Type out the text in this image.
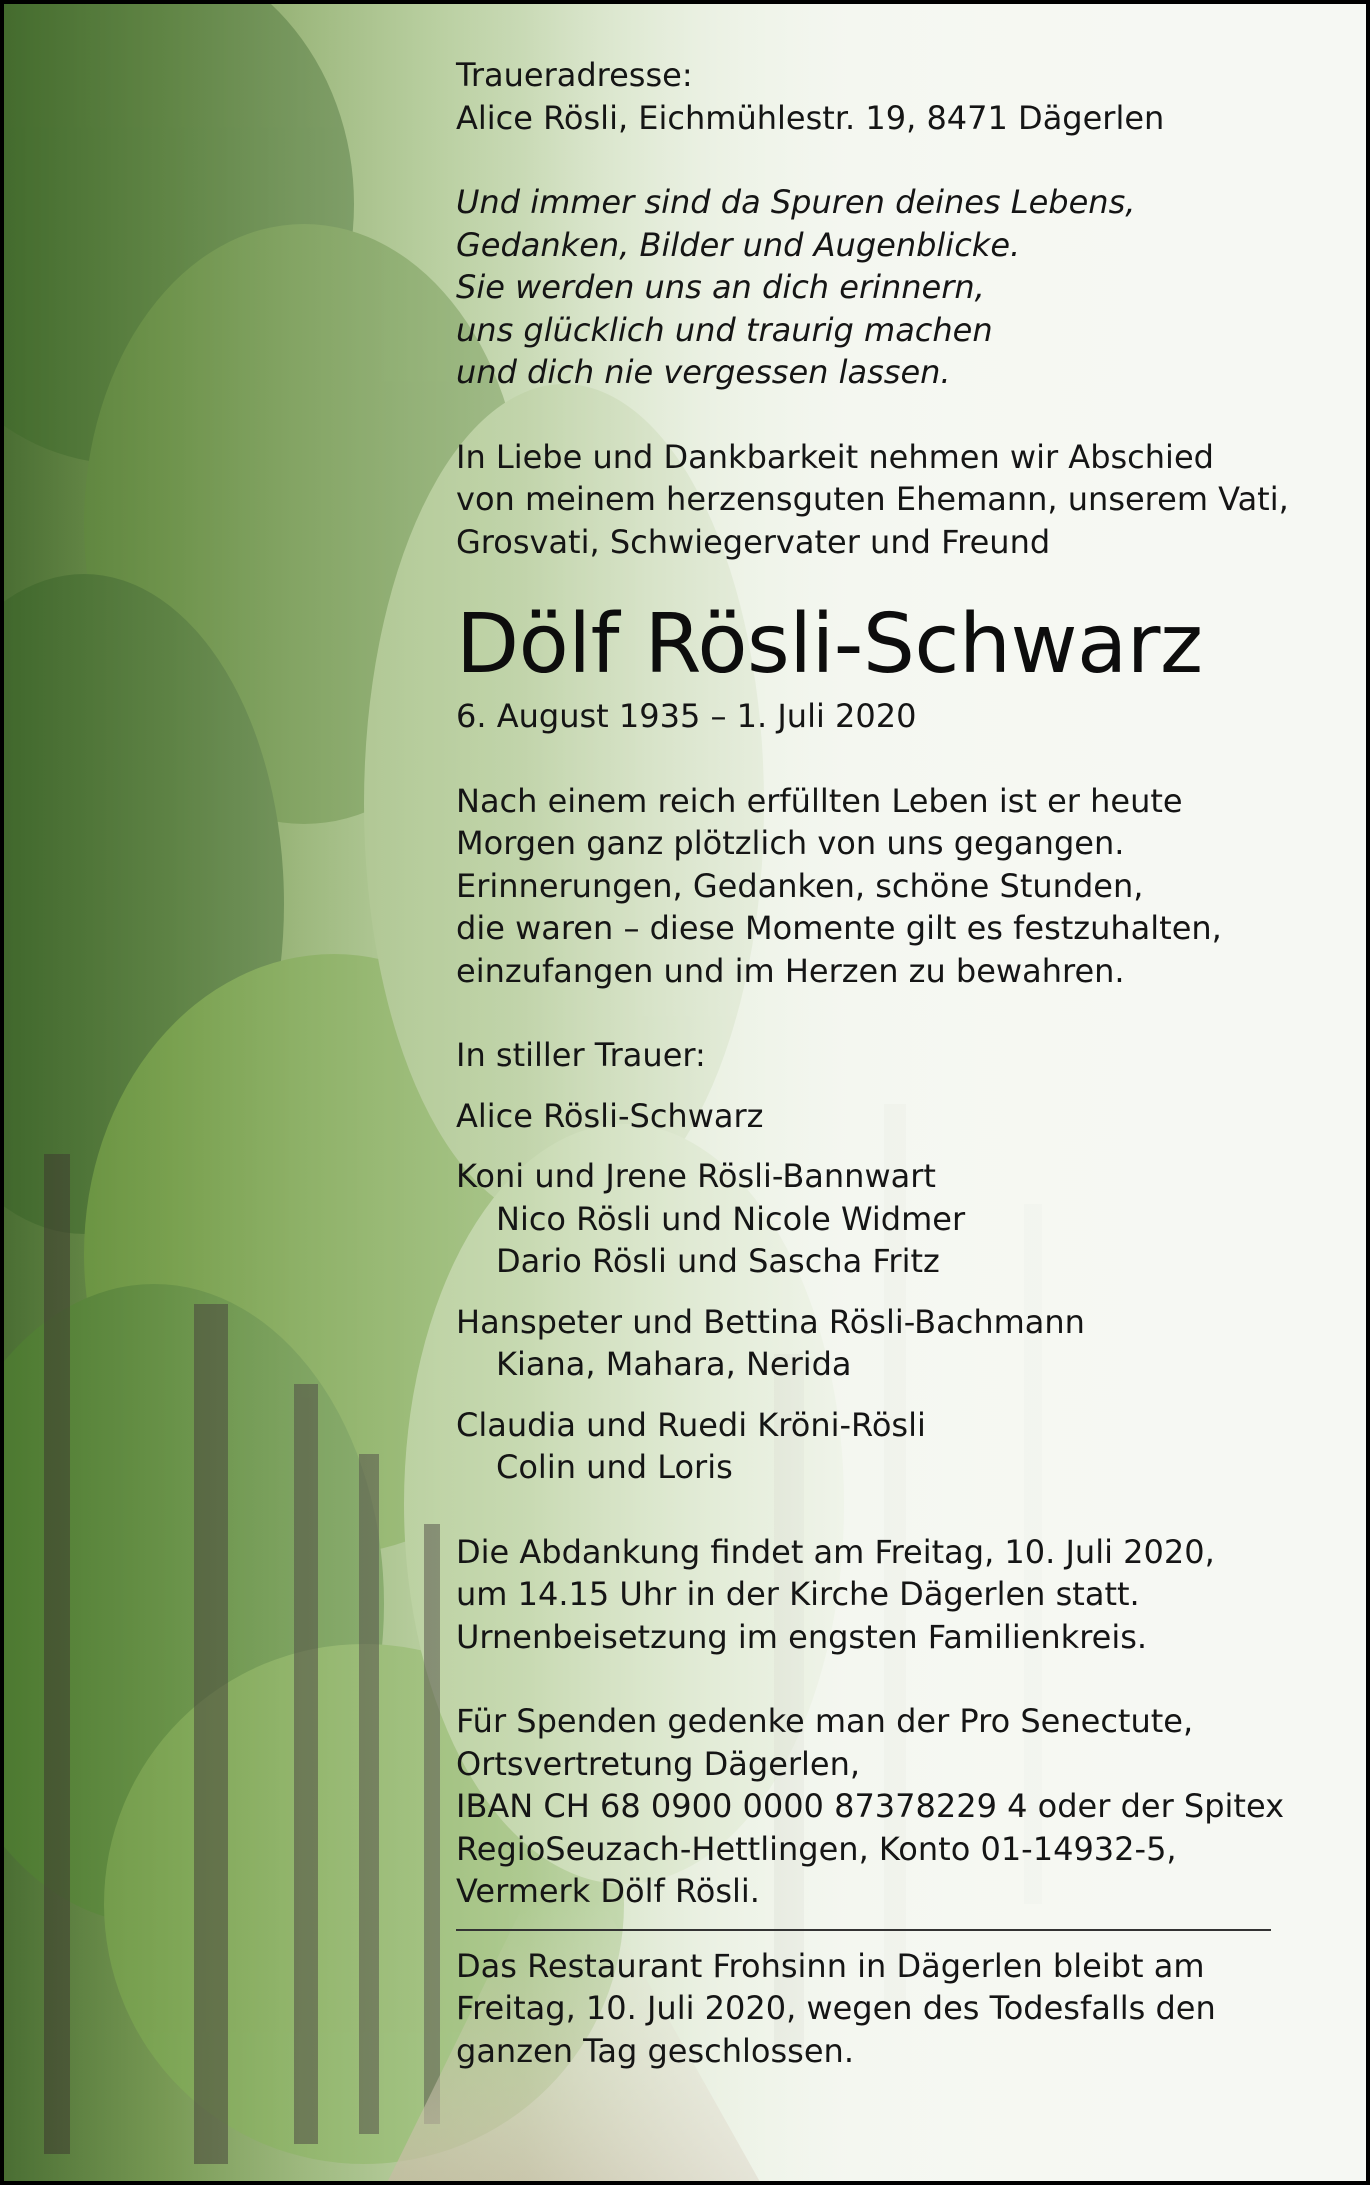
Traueradresse:
Alice Rösli, Eichmühlestr. 19, 8471 Dägerlen
Und immer sind da Spuren deines Lebens,
Gedanken, Bilder und Augenblicke.
Sie werden uns an dich erinnern,
uns glücklich und traurig machen
und dich nie vergessen lassen.
In Liebe und Dankbarkeit nehmen wir Abschied
von meinem herzensguten Ehemann, unserem Vati,
Grosvati, Schwiegervater und Freund
Dölf Rösli-Schwarz
6. August 1935 – 1. Juli 2020
Nach einem reich erfüllten Leben ist er heute
Morgen ganz plötzlich von uns gegangen.
Erinnerungen, Gedanken, schöne Stunden,
die waren – diese Momente gilt es festzuhalten,
einzufangen und im Herzen zu bewahren.
In stiller Trauer:
Alice Rösli-Schwarz
Koni und Jrene Rösli-Bannwart
Nico Rösli und Nicole Widmer
Dario Rösli und Sascha Fritz
Hanspeter und Bettina Rösli-Bachmann
Kiana, Mahara, Nerida
Claudia und Ruedi Kröni-Rösli
Colin und Loris
Die Abdankung findet am Freitag, 10. Juli 2020,
um 14.15 Uhr in der Kirche Dägerlen statt.
Urnenbeisetzung im engsten Familienkreis.
Für Spenden gedenke man der Pro Senectute,
Ortsvertretung Dägerlen,
IBAN CH 68 0900 0000 87378229 4 oder der Spitex
RegioSeuzach-Hettlingen, Konto 01-14932-5,
Vermerk Dölf Rösli.
Das Restaurant Frohsinn in Dägerlen bleibt am
Freitag, 10. Juli 2020, wegen des Todesfalls den
ganzen Tag geschlossen.
